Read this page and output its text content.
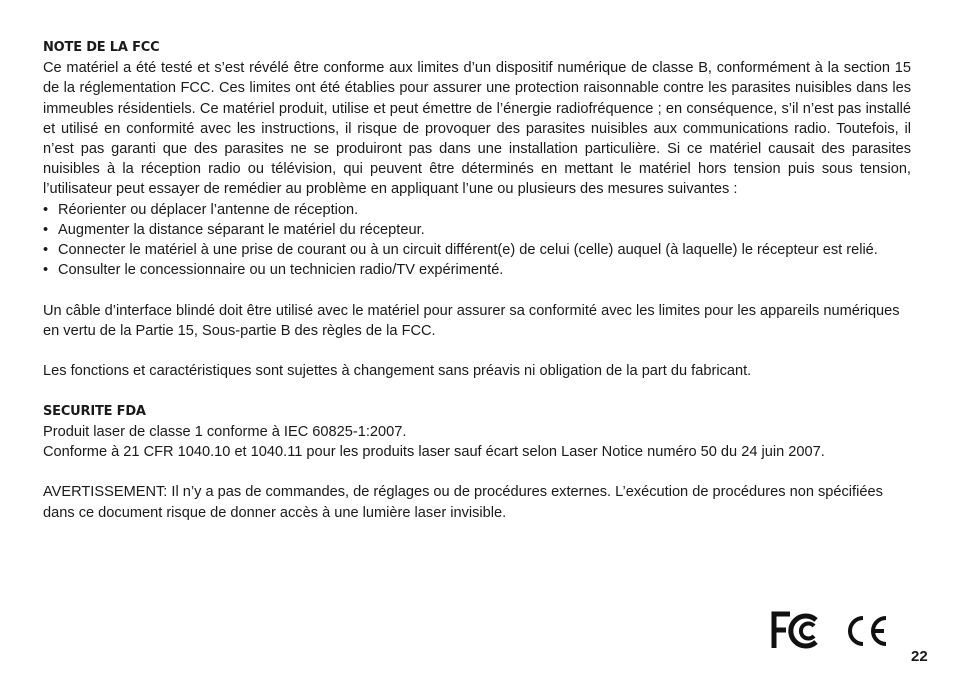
NOTE DE LA FCC

Ce matériel a été testé et s’est révélé être conforme aux limites d’un dispositif numérique de classe B, conformément à la section 15 de la réglementation FCC. Ces limites ont été établies pour assurer une protection raisonnable contre les parasites nuisibles dans les immeubles résidentiels. Ce matériel produit, utilise et peut émettre de l’énergie radiofréquence ; en conséquence, s’il n’est pas installé et utilisé en conformité avec les instructions, il risque de provoquer des parasites nuisibles aux communications radio. Toutefois, il n’est pas garanti que des parasites ne se produiront pas dans une installation particulière. Si ce matériel causait des parasites nuisibles à la réception radio ou télévision, qui peuvent être déterminés en mettant le matériel hors tension puis sous tension, l’utilisateur peut essayer de remédier au problème en appliquant l’une ou plusieurs des mesures suivantes :

• Réorienter ou déplacer l’antenne de réception.
• Augmenter la distance séparant le matériel du récepteur.
• Connecter le matériel à une prise de courant ou à un circuit différent(e) de celui (celle) auquel (à laquelle) le récepteur est relié.
• Consulter le concessionnaire ou un technicien radio/TV expérimenté.

Un câble d’interface blindé doit être utilisé avec le matériel pour assurer sa conformité avec les limites pour les appareils numériques en vertu de la Partie 15, Sous-partie B des règles de la FCC.

Les fonctions et caractéristiques sont sujettes à changement sans préavis ni obligation de la part du fabricant.

SECURITE FDA

Produit laser de classe 1 conforme à IEC 60825-1:2007.

Conforme à 21 CFR 1040.10 et 1040.11 pour les produits laser sauf écart selon Laser Notice numéro 50 du 24 juin 2007.

AVERTISSEMENT: Il n’y a pas de commandes, de réglages ou de procédures externes. L’exécution de procédures non spécifiées dans ce document risque de donner accès à une lumière laser invisible.

22
